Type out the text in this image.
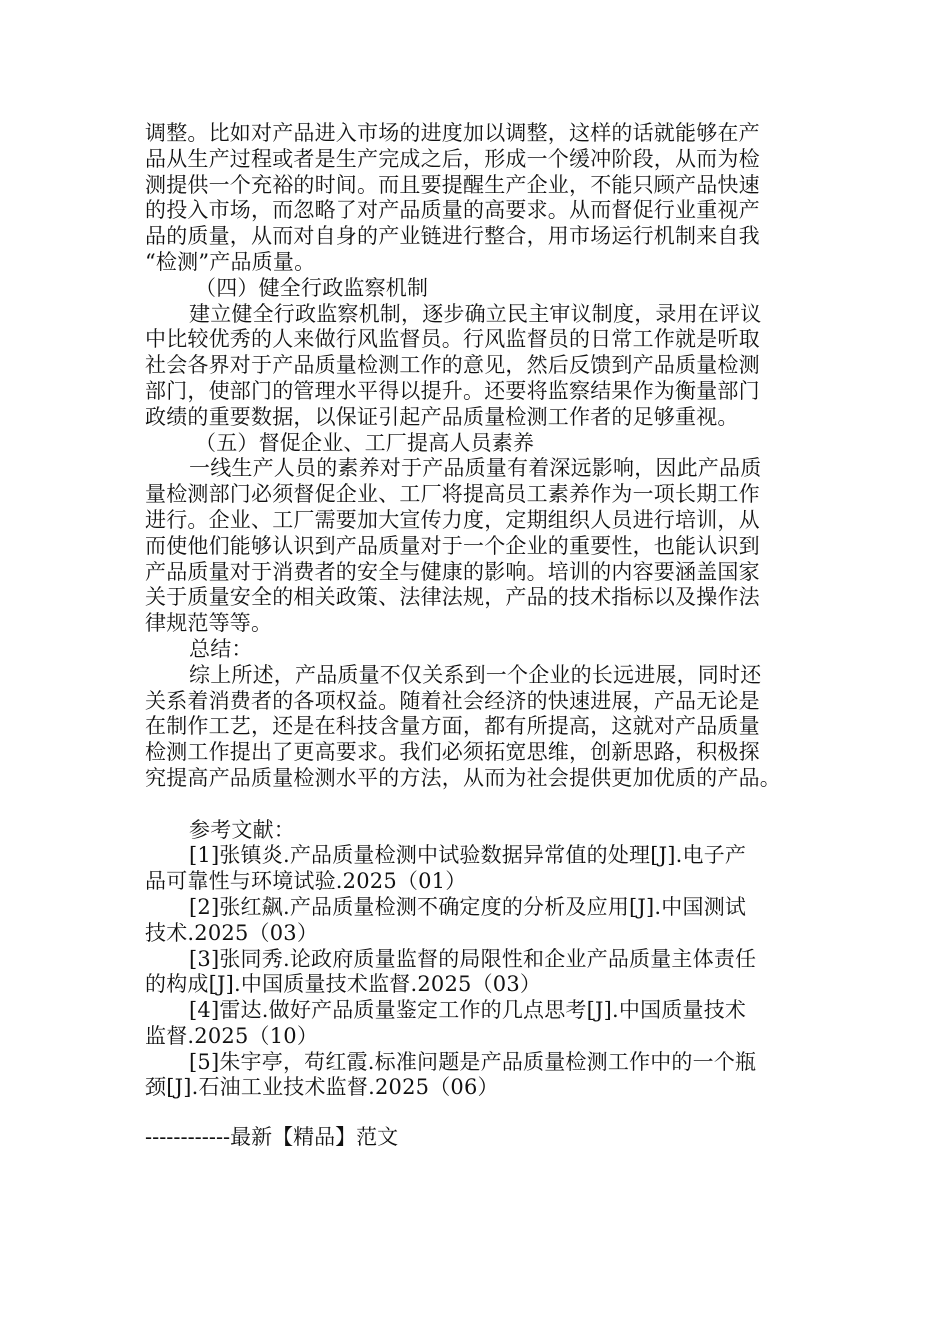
调整。比如对产品进入市场的进度加以调整，这样的话就能够在产
品从生产过程或者是生产完成之后，形成一个缓冲阶段，从而为检
测提供一个充裕的时间。而且要提醒生产企业，不能只顾产品快速
的投入市场，而忽略了对产品质量的高要求。从而督促行业重视产
品的质量，从而对自身的产业链进行整合，用市场运行机制来自我
“检测”产品质量。
（四）健全行政监察机制
建立健全行政监察机制，逐步确立民主审议制度，录用在评议
中比较优秀的人来做行风监督员。行风监督员的日常工作就是听取
社会各界对于产品质量检测工作的意见，然后反馈到产品质量检测
部门，使部门的管理水平得以提升。还要将监察结果作为衡量部门
政绩的重要数据，以保证引起产品质量检测工作者的足够重视。
（五）督促企业、工厂提高人员素养
一线生产人员的素养对于产品质量有着深远影响，因此产品质
量检测部门必须督促企业、工厂将提高员工素养作为一项长期工作
进行。企业、工厂需要加大宣传力度，定期组织人员进行培训，从
而使他们能够认识到产品质量对于一个企业的重要性，也能认识到
产品质量对于消费者的安全与健康的影响。培训的内容要涵盖国家
关于质量安全的相关政策、法律法规，产品的技术指标以及操作法
律规范等等。
总结：
综上所述，产品质量不仅关系到一个企业的长远进展，同时还
关系着消费者的各项权益。随着社会经济的快速进展，产品无论是
在制作工艺，还是在科技含量方面，都有所提高，这就对产品质量
检测工作提出了更高要求。我们必须拓宽思维，创新思路，积极探
究提高产品质量检测水平的方法，从而为社会提供更加优质的产品。
参考文献：
[1]张镇炎.产品质量检测中试验数据异常值的处理[J].电子产
品可靠性与环境试验.2025（01）
[2]张红飙.产品质量检测不确定度的分析及应用[J].中国测试
技术.2025（03）
[3]张同秀.论政府质量监督的局限性和企业产品质量主体责任
的构成[J].中国质量技术监督.2025（03）
[4]雷达.做好产品质量鉴定工作的几点思考[J].中国质量技术
监督.2025（10）
[5]朱宇亭，苟红霞.标准问题是产品质量检测工作中的一个瓶
颈[J].石油工业技术监督.2025（06）
------------最新【精品】范文
